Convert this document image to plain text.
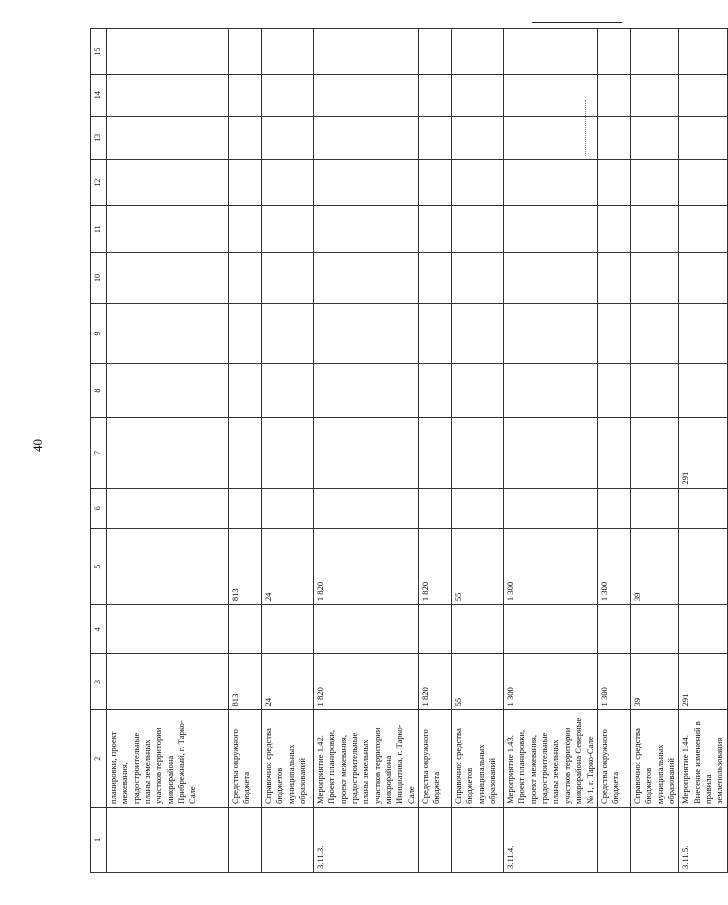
40
1	2	3	4	5	6	7	8	9	10	11	12	13	14	15
	планировки, проект межевания, градостроительные планы земельных участков территории микрорайона Прибрежный, г. Тарко-Сале													
	Средства окружного бюджета	813		813										
	Справочно: средства бюджетов муниципальных образований	24		24										
3.11.3.	Мероприятие 1.42. Проект планировки, проект межевания, градостроительные планы земельных участков территории микрорайона Инициатива, г. Тарко-Сале	1 820		1 820										
	Средства окружного бюджета	1 820		1 820										
	Справочно: средства бюджетов муниципальных образований	55		55										
3.11.4.	Мероприятие 1.43. Проект планировки, проект межевания, градостроительные планы земельных участков территории микрорайона Северные № 1, г. Тарко-Сале	1 300		1 300										
	Средства окружного бюджета	1 300		1 300										
	Справочно: средства бюджетов муниципальных образований	39		39										
3.11.5.	Мероприятие 1.44. Внесение изменений в правила землепользования	291				291								
